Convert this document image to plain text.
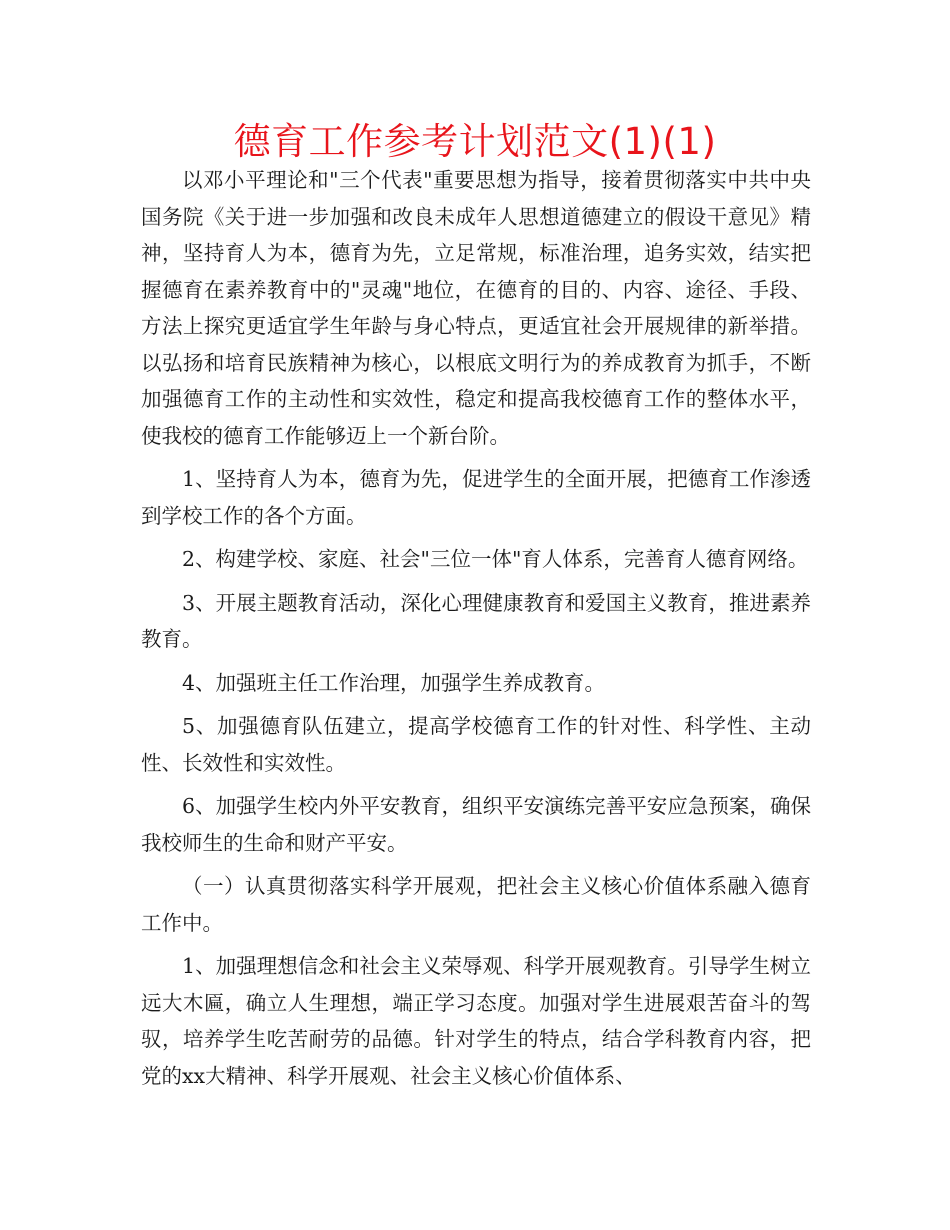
德育工作参考计划范文(1)(1)

以邓小平理论和"三个代表"重要思想为指导，接着贯彻落实中共中央国务院《关于进一步加强和改良未成年人思想道德建立的假设干意见》精神，坚持育人为本，德育为先，立足常规，标准治理，追务实效，结实把握德育在素养教育中的"灵魂"地位，在德育的目的、内容、途径、手段、方法上探究更适宜学生年龄与身心特点，更适宜社会开展规律的新举措。以弘扬和培育民族精神为核心，以根底文明行为的养成教育为抓手，不断加强德育工作的主动性和实效性，稳定和提高我校德育工作的整体水平，使我校的德育工作能够迈上一个新台阶。

1、坚持育人为本，德育为先，促进学生的全面开展，把德育工作渗透到学校工作的各个方面。

2、构建学校、家庭、社会"三位一体"育人体系，完善育人德育网络。

3、开展主题教育活动，深化心理健康教育和爱国主义教育，推进素养教育。

4、加强班主任工作治理，加强学生养成教育。

5、加强德育队伍建立，提高学校德育工作的针对性、科学性、主动性、长效性和实效性。

6、加强学生校内外平安教育，组织平安演练完善平安应急预案，确保我校师生的生命和财产平安。

（一）认真贯彻落实科学开展观，把社会主义核心价值体系融入德育工作中。

1、加强理想信念和社会主义荣辱观、科学开展观教育。引导学生树立远大木匾，确立人生理想，端正学习态度。加强对学生进展艰苦奋斗的驾驭，培养学生吃苦耐劳的品德。针对学生的特点，结合学科教育内容，把党的xx大精神、科学开展观、社会主义核心价值体系、
